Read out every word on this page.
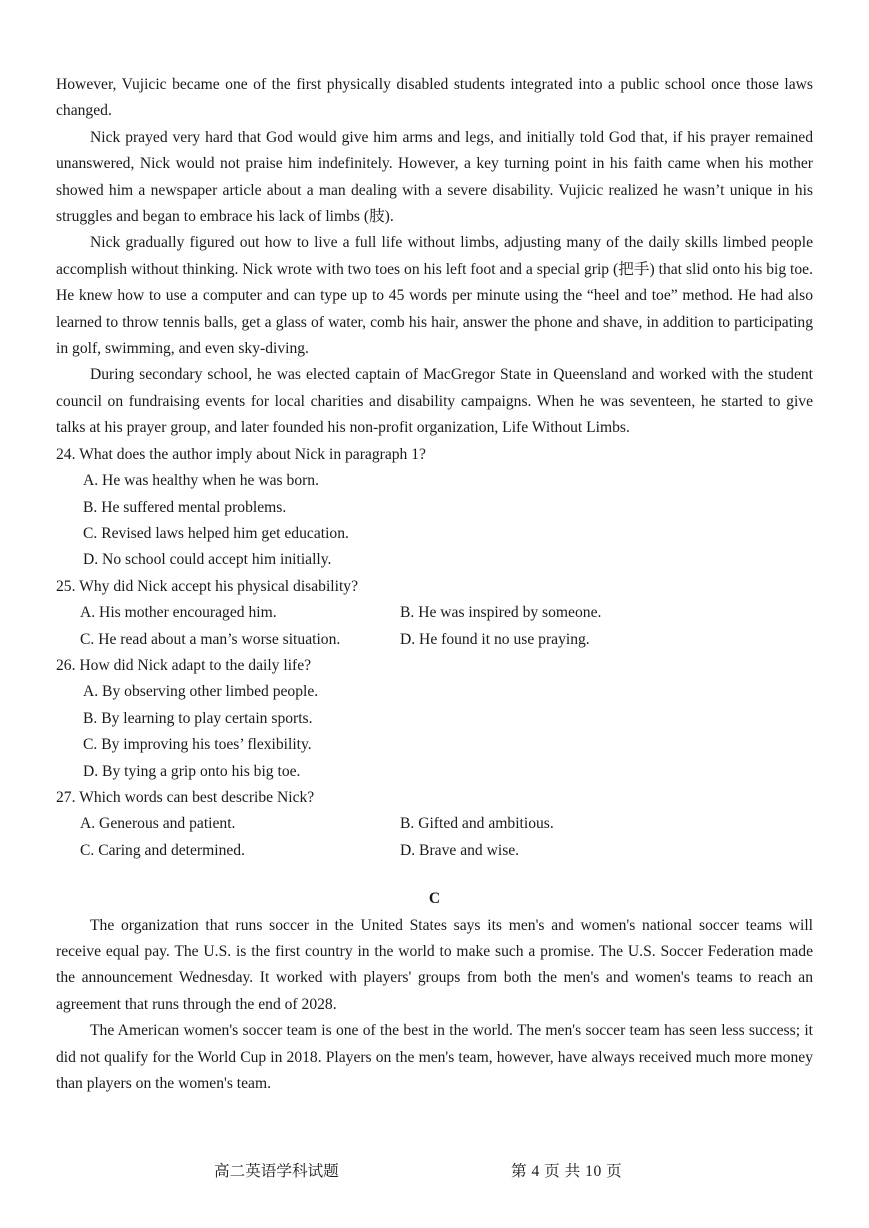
However, Vujicic became one of the first physically disabled students integrated into a public school once those laws changed.

Nick prayed very hard that God would give him arms and legs, and initially told God that, if his prayer remained unanswered, Nick would not praise him indefinitely. However, a key turning point in his faith came when his mother showed him a newspaper article about a man dealing with a severe disability. Vujicic realized he wasn’t unique in his struggles and began to embrace his lack of limbs (肢).

Nick gradually figured out how to live a full life without limbs, adjusting many of the daily skills limbed people accomplish without thinking. Nick wrote with two toes on his left foot and a special grip (把手) that slid onto his big toe. He knew how to use a computer and can type up to 45 words per minute using the “heel and toe” method. He had also learned to throw tennis balls, get a glass of water, comb his hair, answer the phone and shave, in addition to participating in golf, swimming, and even sky-diving.

During secondary school, he was elected captain of MacGregor State in Queensland and worked with the student council on fundraising events for local charities and disability campaigns. When he was seventeen, he started to give talks at his prayer group, and later founded his non-profit organization, Life Without Limbs.

24. What does the author imply about Nick in paragraph 1?
A. He was healthy when he was born.
B. He suffered mental problems.
C. Revised laws helped him get education.
D. No school could accept him initially.
25. Why did Nick accept his physical disability?
A. His mother encouraged him.	B. He was inspired by someone.
C. He read about a man’s worse situation.	D. He found it no use praying.
26. How did Nick adapt to the daily life?
A. By observing other limbed people.
B. By learning to play certain sports.
C. By improving his toes’ flexibility.
D. By tying a grip onto his big toe.
27. Which words can best describe Nick?
A. Generous and patient.	B. Gifted and ambitious.
C. Caring and determined.	D. Brave and wise.
C

The organization that runs soccer in the United States says its men's and women's national soccer teams will receive equal pay. The U.S. is the first country in the world to make such a promise. The U.S. Soccer Federation made the announcement Wednesday. It worked with players' groups from both the men's and women's teams to reach an agreement that runs through the end of 2028.

The American women's soccer team is one of the best in the world. The men's soccer team has seen less success; it did not qualify for the World Cup in 2018. Players on the men's team, however, have always received much more money than players on the women's team.

高二英语学科试题	第 4 页 共 10 页
